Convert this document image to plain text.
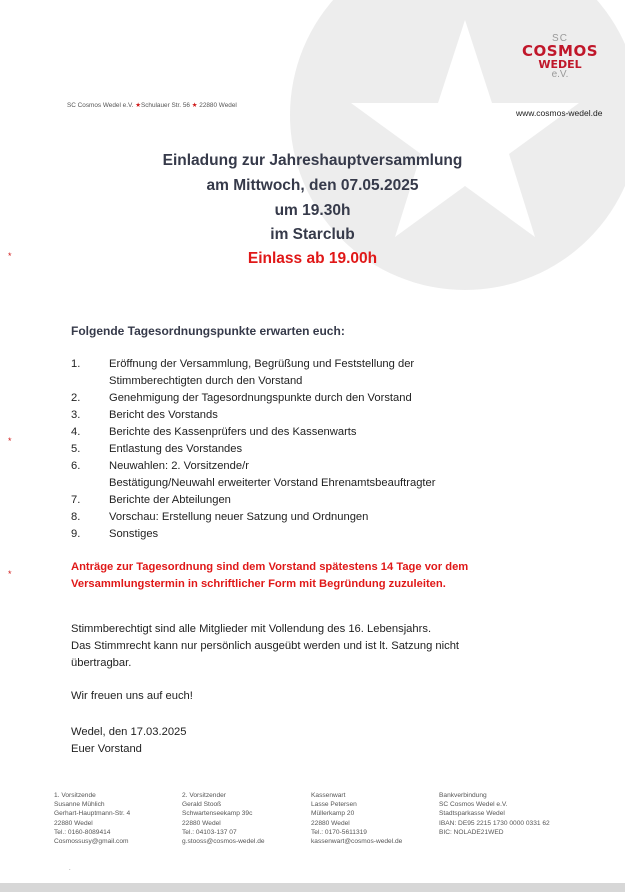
SC
COSMOS
WEDEL
e.V.
SC Cosmos Wedel e.V. ★Schulauer Str. 56 ★ 22880 Wedel
www.cosmos-wedel.de
Einladung zur Jahreshauptversammlung
am Mittwoch, den 07.05.2025
um 19.30h
im Starclub
Einlass ab 19.00h
*
*
*
Folgende Tagesordnungspunkte erwarten euch:
1.	Eröffnung der Versammlung, Begrüßung und Feststellung der
Stimmberechtigten durch den Vorstand
2.	Genehmigung der Tagesordnungspunkte durch den Vorstand
3.	Bericht des Vorstands
4.	Berichte des Kassenprüfers und des Kassenwarts
5.	Entlastung des Vorstandes
6.	Neuwahlen: 2. Vorsitzende/r
Bestätigung/Neuwahl erweiterter Vorstand Ehrenamtsbeauftragter
7.	Berichte der Abteilungen
8.	Vorschau: Erstellung neuer Satzung und Ordnungen
9.	Sonstiges
Anträge zur Tagesordnung sind dem Vorstand spätestens 14 Tage vor dem
Versammlungstermin in schriftlicher Form mit Begründung zuzuleiten.
Stimmberechtigt sind alle Mitglieder mit Vollendung des 16. Lebensjahrs.
Das Stimmrecht kann nur persönlich ausgeübt werden und ist lt. Satzung nicht
übertragbar.
Wir freuen uns auf euch!
Wedel, den 17.03.2025
Euer Vorstand
1. Vorsitzende
Susanne Mühlich
Gerhart-Hauptmann-Str. 4
22880 Wedel
Tel.: 0160-8089414
Cosmossusy@gmail.com
2. Vorsitzender
Gerald Stooß
Schwartenseekamp 39c
22880 Wedel
Tel.: 04103-137 07
g.stooss@cosmos-wedel.de
Kassenwart
Lasse Petersen
Müllerkamp 20
22880 Wedel
Tel.: 0170-5611319
kassenwart@cosmos-wedel.de
Bankverbindung
SC Cosmos Wedel e.V.
Stadtsparkasse Wedel
IBAN: DE95 2215 1730 0000 0331 62
BIC: NOLADE21WED
.
